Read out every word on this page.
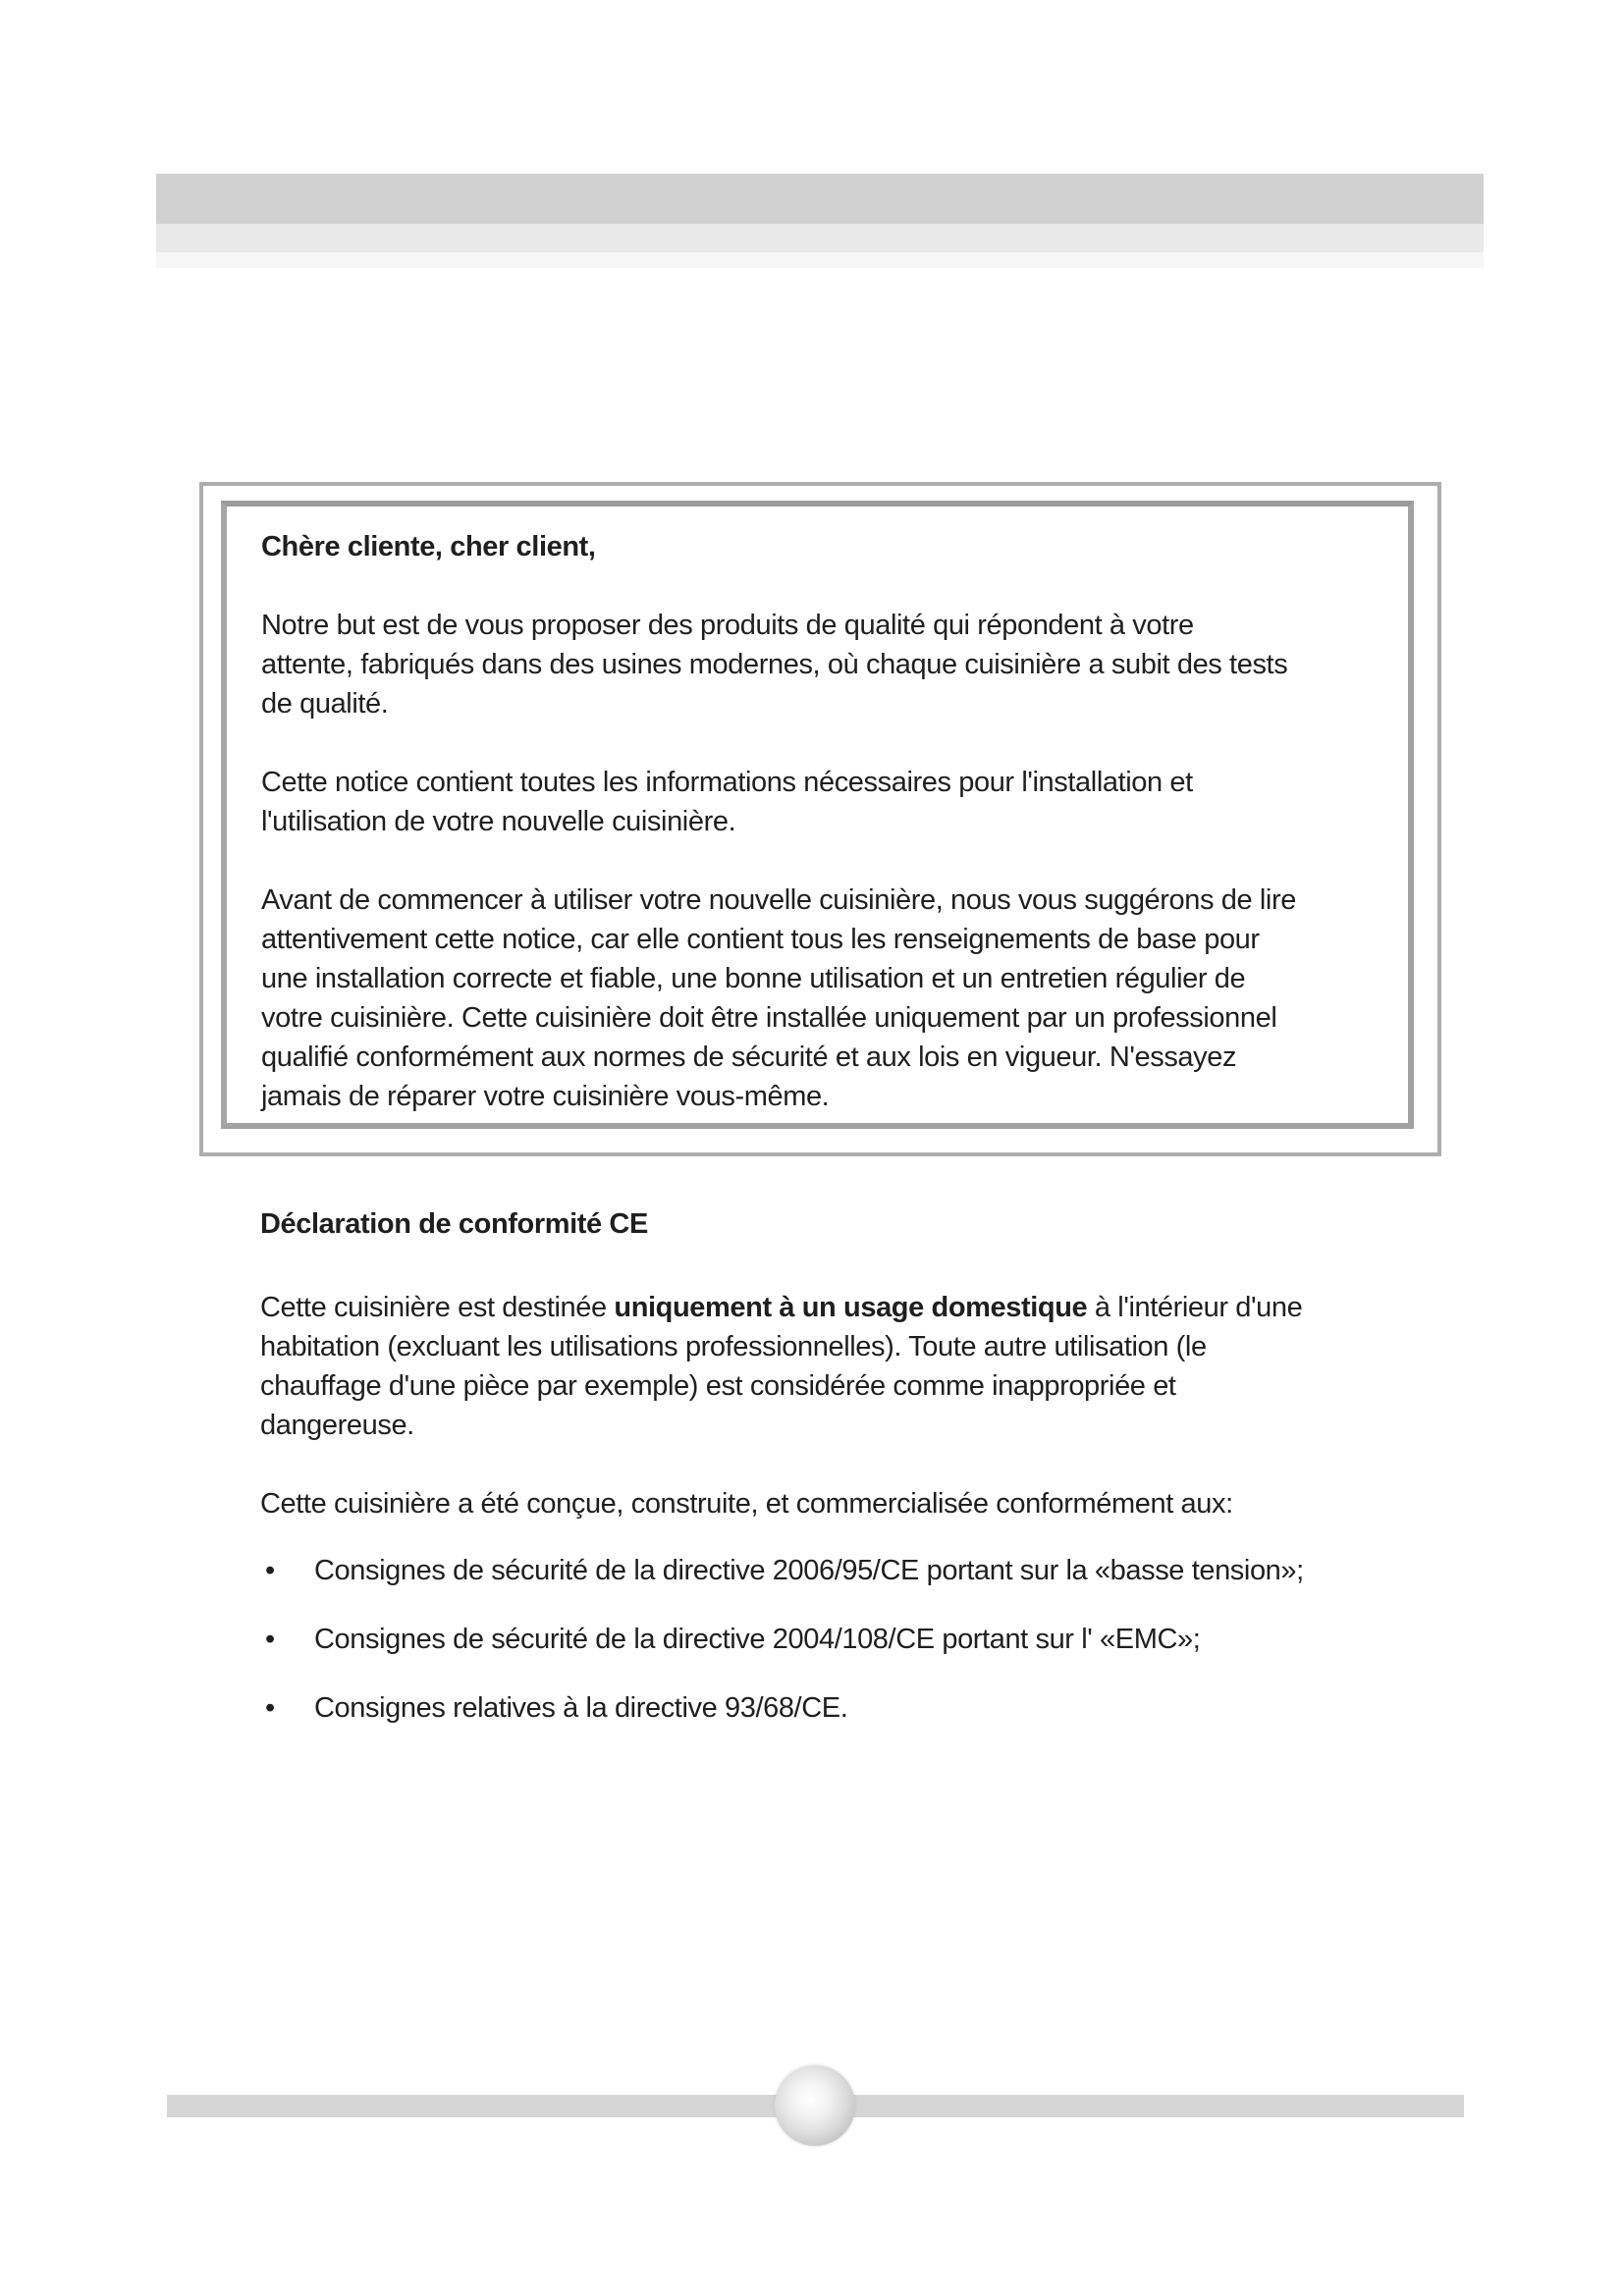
Chère cliente, cher client,
Notre but est de vous proposer des produits de qualité qui répondent à votre
attente, fabriqués dans des usines modernes, où chaque cuisinière a subit des tests
de qualité.
Cette notice contient toutes les informations nécessaires pour l'installation et
l'utilisation de votre nouvelle cuisinière.
Avant de commencer à utiliser votre nouvelle cuisinière, nous vous suggérons de lire
attentivement cette notice, car elle contient tous les renseignements de base pour
une installation correcte et fiable, une bonne utilisation et un entretien régulier de
votre cuisinière. Cette cuisinière doit être installée uniquement par un professionnel
qualifié conformément aux normes de sécurité et aux lois en vigueur. N'essayez
jamais de réparer votre cuisinière vous-même.
Déclaration de conformité CE
Cette cuisinière est destinée uniquement à un usage domestique à l'intérieur d'une
habitation (excluant les utilisations professionnelles). Toute autre utilisation (le
chauffage d'une pièce par exemple) est considérée comme inappropriée et
dangereuse.
Cette cuisinière a été conçue, construite, et commercialisée conformément aux:
•	Consignes de sécurité de la directive 2006/95/CE portant sur la «basse tension»;
•	Consignes de sécurité de la directive 2004/108/CE portant sur l' «EMC»;
•	Consignes relatives à la directive 93/68/CE.
